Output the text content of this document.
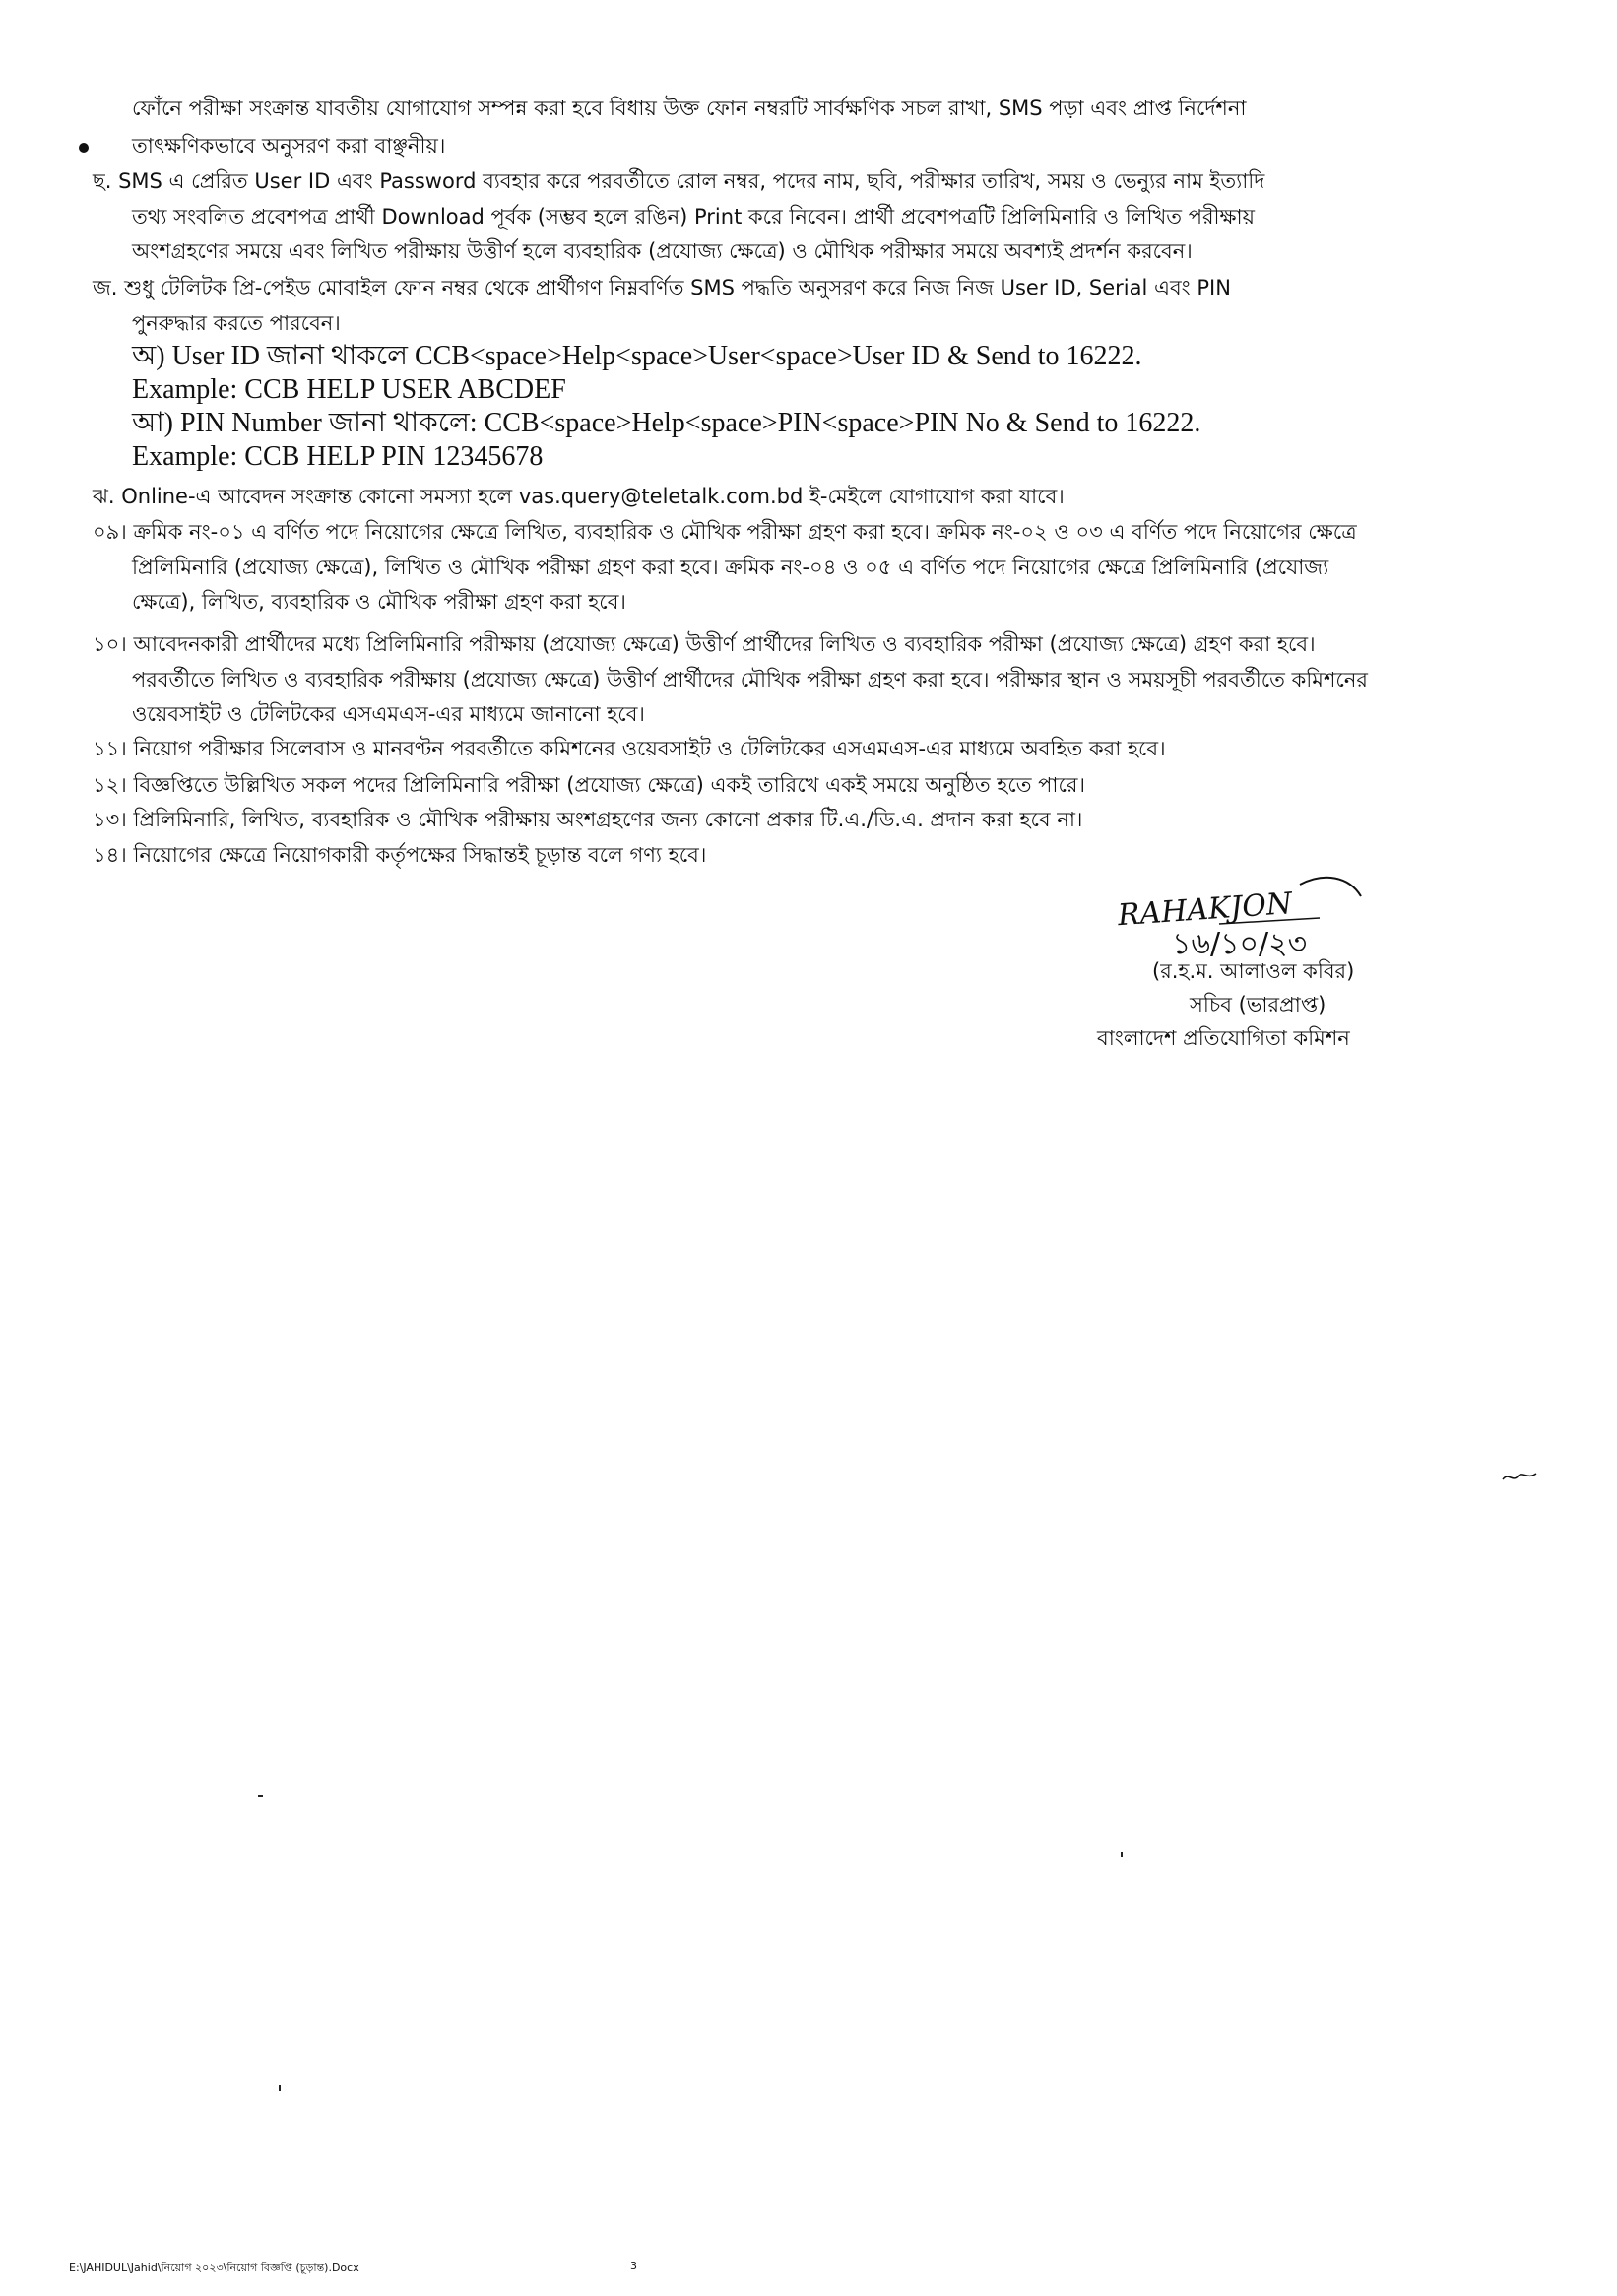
ফোঁনে পরীক্ষা সংক্রান্ত যাবতীয় যোগাযোগ সম্পন্ন করা হবে বিধায় উক্ত ফোন নম্বরটি সার্বক্ষণিক সচল রাখা, SMS পড়া এবং প্রাপ্ত নির্দেশনা
তাৎক্ষণিকভাবে অনুসরণ করা বাঞ্ছনীয়।
ছ. SMS এ প্রেরিত User ID এবং Password ব্যবহার করে পরবর্তীতে রোল নম্বর, পদের নাম, ছবি, পরীক্ষার তারিখ, সময় ও ভেন্যুর নাম ইত্যাদি
তথ্য সংবলিত প্রবেশপত্র প্রার্থী Download পূর্বক (সম্ভব হলে রঙিন) Print করে নিবেন। প্রার্থী প্রবেশপত্রটি প্রিলিমিনারি ও লিখিত পরীক্ষায়
অংশগ্রহণের সময়ে এবং লিখিত পরীক্ষায় উত্তীর্ণ হলে ব্যবহারিক (প্রযোজ্য ক্ষেত্রে) ও মৌখিক পরীক্ষার সময়ে অবশ্যই প্রদর্শন করবেন।
জ. শুধু টেলিটক প্রি-পেইড মোবাইল ফোন নম্বর থেকে প্রার্থীগণ নিম্নবর্ণিত SMS পদ্ধতি অনুসরণ করে নিজ নিজ User ID, Serial এবং PIN
পুনরুদ্ধার করতে পারবেন।
অ) User ID জানা থাকলে CCB<space>Help<space>User<space>User ID & Send to 16222.
Example: CCB HELP USER ABCDEF
আ) PIN Number জানা থাকলে: CCB<space>Help<space>PIN<space>PIN No & Send to 16222.
Example: CCB HELP PIN 12345678
ঝ. Online-এ আবেদন সংক্রান্ত কোনো সমস্যা হলে vas.query@teletalk.com.bd ই-মেইলে যোগাযোগ করা যাবে।
০৯। ক্রমিক নং-০১ এ বর্ণিত পদে নিয়োগের ক্ষেত্রে লিখিত, ব্যবহারিক ও মৌখিক পরীক্ষা গ্রহণ করা হবে। ক্রমিক নং-০২ ও ০৩ এ বর্ণিত পদে নিয়োগের ক্ষেত্রে
প্রিলিমিনারি (প্রযোজ্য ক্ষেত্রে), লিখিত ও মৌখিক পরীক্ষা গ্রহণ করা হবে। ক্রমিক নং-০৪ ও ০৫ এ বর্ণিত পদে নিয়োগের ক্ষেত্রে প্রিলিমিনারি (প্রযোজ্য
ক্ষেত্রে), লিখিত, ব্যবহারিক ও মৌখিক পরীক্ষা গ্রহণ করা হবে।
১০। আবেদনকারী প্রার্থীদের মধ্যে প্রিলিমিনারি পরীক্ষায় (প্রযোজ্য ক্ষেত্রে) উত্তীর্ণ প্রার্থীদের লিখিত ও ব্যবহারিক পরীক্ষা (প্রযোজ্য ক্ষেত্রে) গ্রহণ করা হবে।
পরবর্তীতে লিখিত ও ব্যবহারিক পরীক্ষায় (প্রযোজ্য ক্ষেত্রে) উত্তীর্ণ প্রার্থীদের মৌখিক পরীক্ষা গ্রহণ করা হবে। পরীক্ষার স্থান ও সময়সূচী পরবর্তীতে কমিশনের
ওয়েবসাইট ও টেলিটকের এসএমএস-এর মাধ্যমে জানানো হবে।
১১। নিয়োগ পরীক্ষার সিলেবাস ও মানবণ্টন পরবর্তীতে কমিশনের ওয়েবসাইট ও টেলিটকের এসএমএস-এর মাধ্যমে অবহিত করা হবে।
১২। বিজ্ঞপ্তিতে উল্লিখিত সকল পদের প্রিলিমিনারি পরীক্ষা (প্রযোজ্য ক্ষেত্রে) একই তারিখে একই সময়ে অনুষ্ঠিত হতে পারে।
১৩। প্রিলিমিনারি, লিখিত, ব্যবহারিক ও মৌখিক পরীক্ষায় অংশগ্রহণের জন্য কোনো প্রকার টি.এ./ডি.এ. প্রদান করা হবে না।
১৪। নিয়োগের ক্ষেত্রে নিয়োগকারী কর্তৃপক্ষের সিদ্ধান্তই চূড়ান্ত বলে গণ্য হবে।
RAHAKJON
১৬/১০/২৩
(র.হ.ম. আলাওল কবির)
সচিব (ভারপ্রাপ্ত)
বাংলাদেশ প্রতিযোগিতা কমিশন
E:\JAHIDUL\Jahid\নিয়োগ ২০২৩\নিয়োগ বিজ্ঞপ্তি (চূড়ান্ত).Docx	3
